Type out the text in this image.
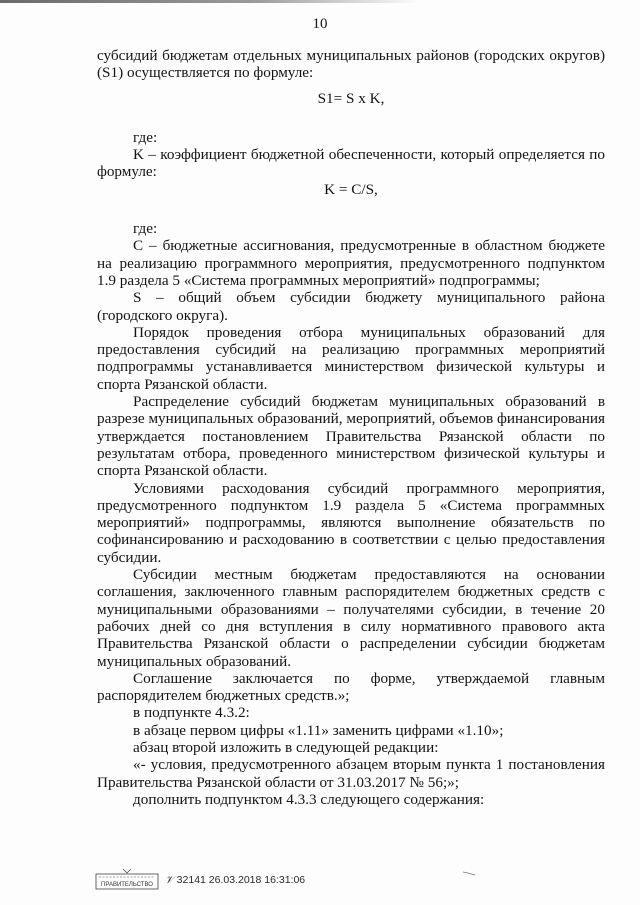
10

субсидий бюджетам отдельных муниципальных районов (городских округов) (S1) осуществляется по формуле:

S1= S x K,

где:

K – коэффициент бюджетной обеспеченности, который определяется по формуле:

K = C/S,

где:

C – бюджетные ассигнования, предусмотренные в областном бюджете на реализацию программного мероприятия, предусмотренного подпунктом 1.9 раздела 5 «Система программных мероприятий» подпрограммы;

S – общий объем субсидии бюджету муниципального района (городского округа).

Порядок проведения отбора муниципальных образований для предоставления субсидий на реализацию программных мероприятий подпрограммы устанавливается министерством физической культуры и спорта Рязанской области.

Распределение субсидий бюджетам муниципальных образований в разрезе муниципальных образований, мероприятий, объемов финансирования утверждается постановлением Правительства Рязанской области по результатам отбора, проведенного министерством физической культуры и спорта Рязанской области.

Условиями расходования субсидий программного мероприятия, предусмотренного подпунктом 1.9 раздела 5 «Система программных мероприятий» подпрограммы, являются выполнение обязательств по софинансированию и расходованию в соответствии с целью предоставления субсидии.

Субсидии местным бюджетам предоставляются на основании соглашения, заключенного главным распорядителем бюджетных средств с муниципальными образованиями – получателями субсидии, в течение 20 рабочих дней со дня вступления в силу нормативного правового акта Правительства Рязанской области о распределении субсидии бюджетам муниципальных образований.

Соглашение заключается по форме, утверждаемой главным распорядителем бюджетных средств.»;

в подпункте 4.3.2:

в абзаце первом цифры «1.11» заменить цифрами «1.10»;

абзац второй изложить в следующей редакции:

«- условия, предусмотренного абзацем вторым пункта 1 постановления Правительства Рязанской области от 31.03.2017 № 56;»;

дополнить подпунктом 4.3.3 следующего содержания:

ПРАВИТЕЛЬСТВО 𝒱 32141 26.03.2018 16:31:06
